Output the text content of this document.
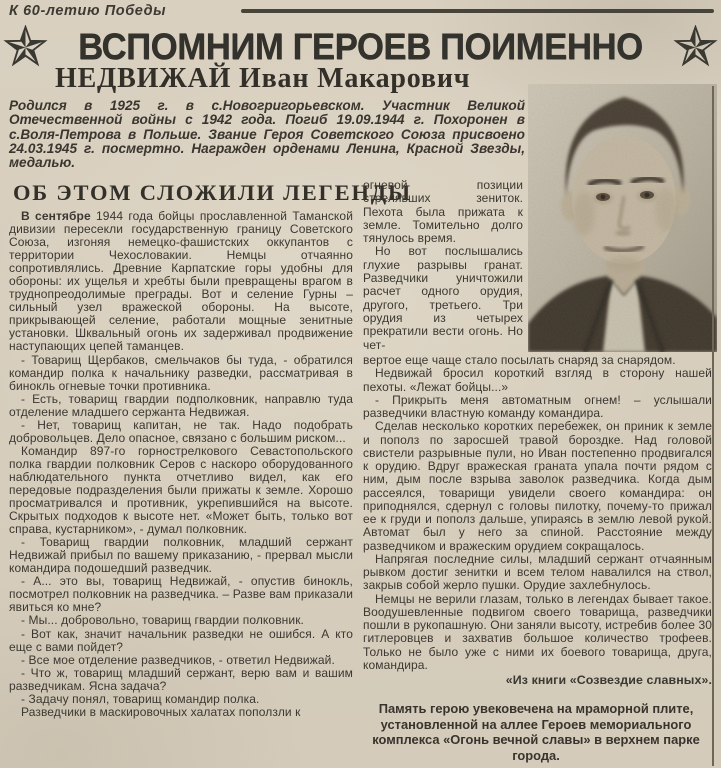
К 60-летию Победы
ВСПОМНИМ ГЕРОЕВ ПОИМЕННО
НЕДВИЖАЙ Иван Макарович

Родился в 1925 г. в с.Новогригорьевском. Участник Великой Отечественной войны с 1942 года. Погиб 19.09.1944 г. Похоронен в с.Воля-Петрова в Польше. Звание Героя Советского Союза присвоено 24.03.1945 г. посмертно. Награжден орденами Ленина, Красной Звезды, медалью.

ОБ ЭТОМ СЛОЖИЛИ ЛЕГЕНДЫ

В сентябре 1944 года бойцы прославленной Таманской дивизии пересекли государственную границу Советского Союза, изгоняя немецко-фашистских оккупантов с территории Чехословакии. Немцы отчаянно сопротивлялись. Древние Карпатские горы удобны для обороны: их ущелья и хребты были превращены врагом в труднопреодолимые преграды. Вот и селение Гурны – сильный узел вражеской обороны. На высоте, прикрывающей селение, работали мощные зенитные установки. Шквальный огонь их задерживал продвижение наступающих цепей таманцев.

- Товарищ Щербаков, смельчаков бы туда, - обратился командир полка к начальнику разведки, рассматривая в бинокль огневые точки противника.

- Есть, товарищ гвардии подполковник, направлю туда отделение младшего сержанта Недвижая.

- Нет, товарищ капитан, не так. Надо подобрать добровольцев. Дело опасное, связано с большим риском...

Командир 897-го горнострелкового Севастопольского полка гвардии полковник Серов с наскоро оборудованного наблюдательного пункта отчетливо видел, как его передовые подразделения были прижаты к земле. Хорошо просматривался и противник, укрепившийся на высоте. Скрытых подходов к высоте нет. «Может быть, только вот справа, кустарником», - думал полковник.

- Товарищ гвардии полковник, младший сержант Недвижай прибыл по вашему приказанию, - прервал мысли командира подошедший разведчик.

- А... это вы, товарищ Недвижай, - опустив бинокль, посмотрел полковник на разведчика. – Разве вам приказали явиться ко мне?

- Мы... добровольно, товарищ гвардии полковник.

- Вот как, значит начальник разведки не ошибся. А кто еще с вами пойдет?

- Все мое отделение разведчиков, - ответил Недвижай.

- Что ж, товарищ младший сержант, верю вам и вашим разведчикам. Ясна задача?

- Задачу понял, товарищ командир полка.

Разведчики в маскировочных халатах поползли к

огневой позиции стрелявших зениток. Пехота была прижата к земле. Томительно долго тянулось время.

Но вот послышались глухие разрывы гранат. Разведчики уничтожили расчет одного орудия, другого, третьего. Три орудия из четырех прекратили вести огонь. Но чет-

вертое еще чаще стало посылать снаряд за снарядом.

Недвижай бросил короткий взгляд в сторону нашей пехоты. «Лежат бойцы...»

- Прикрыть меня автоматным огнем! – услышали разведчики властную команду командира.

Сделав несколько коротких перебежек, он приник к земле и пополз по заросшей травой бороздке. Над головой свистели разрывные пули, но Иван постепенно продвигался к орудию. Вдруг вражеская граната упала почти рядом с ним, дым после взрыва заволок разведчика. Когда дым рассеялся, товарищи увидели своего командира: он приподнялся, сдернул с головы пилотку, почему-то прижал ее к груди и пополз дальше, упираясь в землю левой рукой. Автомат был у него за спиной. Расстояние между разведчиком и вражеским орудием сокращалось.

Напрягая последние силы, младший сержант отчаянным рывком достиг зенитки и всем телом навалился на ствол, закрыв собой жерло пушки. Орудие захлебнулось.

Немцы не верили глазам, только в легендах бывает такое. Воодушевленные подвигом своего товарища, разведчики пошли в рукопашную. Они заняли высоту, истребив более 30 гитлеровцев и захватив большое количество трофеев. Только не было уже с ними их боевого товарища, друга, командира.

«Из книги «Созвездие славных».

Память герою увековечена на мраморной плите, установленной на аллее Героев мемориального комплекса «Огонь вечной славы» в верхнем парке города.
